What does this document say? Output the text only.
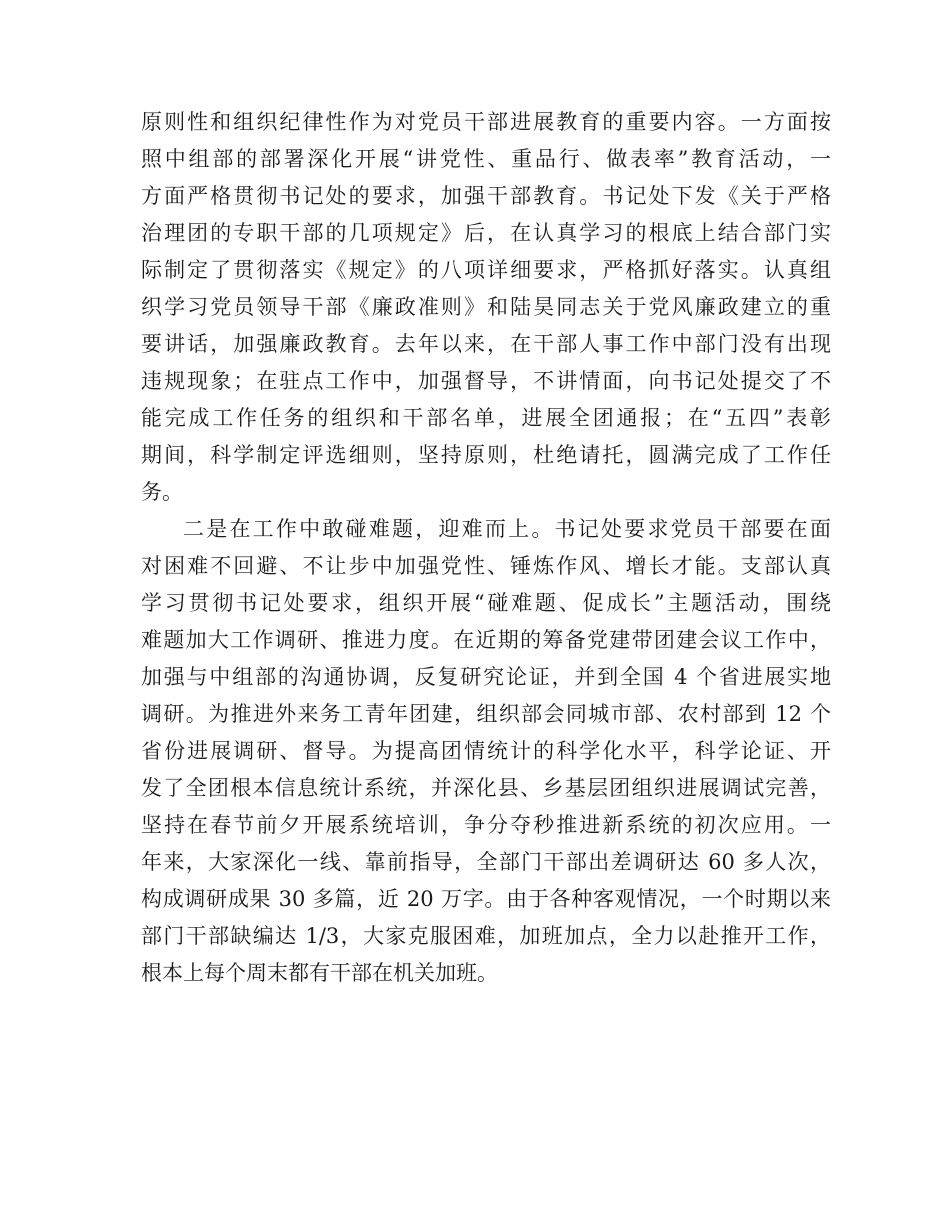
原则性和组织纪律性作为对党员干部进展教育的重要内容。一方面按
照中组部的部署深化开展“讲党性、重品行、做表率”教育活动，一
方面严格贯彻书记处的要求，加强干部教育。书记处下发《关于严格
治理团的专职干部的几项规定》后，在认真学习的根底上结合部门实
际制定了贯彻落实《规定》的八项详细要求，严格抓好落实。认真组
织学习党员领导干部《廉政准则》和陆昊同志关于党风廉政建立的重
要讲话，加强廉政教育。去年以来，在干部人事工作中部门没有出现
违规现象；在驻点工作中，加强督导，不讲情面，向书记处提交了不
能完成工作任务的组织和干部名单，进展全团通报；在“五四”表彰
期间，科学制定评选细则，坚持原则，杜绝请托，圆满完成了工作任
务。
二是在工作中敢碰难题，迎难而上。书记处要求党员干部要在面
对困难不回避、不让步中加强党性、锤炼作风、增长才能。支部认真
学习贯彻书记处要求，组织开展“碰难题、促成长”主题活动，围绕
难题加大工作调研、推进力度。在近期的筹备党建带团建会议工作中，
加强与中组部的沟通协调，反复研究论证，并到全国 4 个省进展实地
调研。为推进外来务工青年团建，组织部会同城市部、农村部到 12 个
省份进展调研、督导。为提高团情统计的科学化水平，科学论证、开
发了全团根本信息统计系统，并深化县、乡基层团组织进展调试完善，
坚持在春节前夕开展系统培训，争分夺秒推进新系统的初次应用。一
年来，大家深化一线、靠前指导，全部门干部出差调研达 60 多人次，
构成调研成果 30 多篇，近 20 万字。由于各种客观情况，一个时期以来
部门干部缺编达 1/3，大家克服困难，加班加点，全力以赴推开工作，
根本上每个周末都有干部在机关加班。
